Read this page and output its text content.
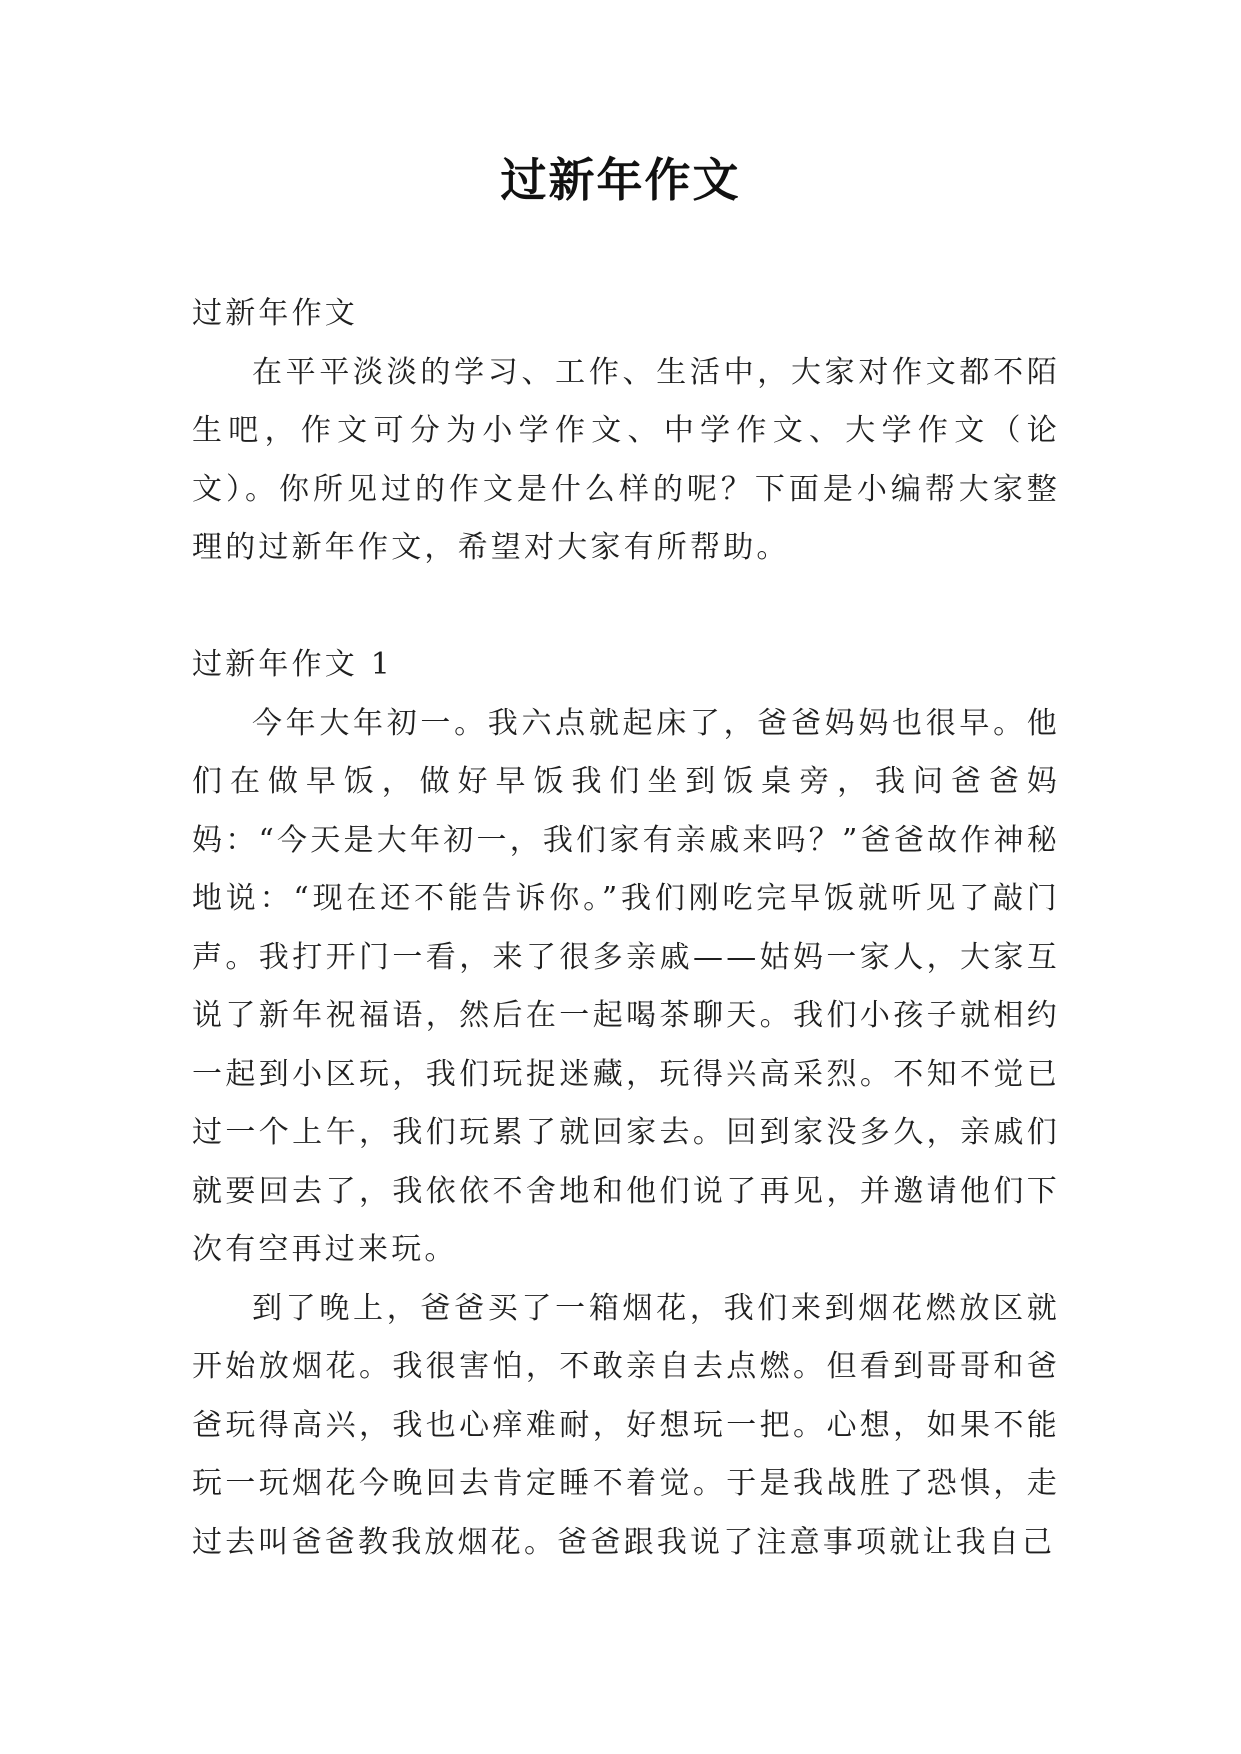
过新年作文

过新年作文

在平平淡淡的学习、工作、生活中，大家对作文都不陌生吧，作文可分为小学作文、中学作文、大学作文（论文）。你所见过的作文是什么样的呢？下面是小编帮大家整理的过新年作文，希望对大家有所帮助。

过新年作文 1

今年大年初一。我六点就起床了，爸爸妈妈也很早。他们在做早饭，做好早饭我们坐到饭桌旁，我问爸爸妈妈：“今天是大年初一，我们家有亲戚来吗？”爸爸故作神秘地说：“现在还不能告诉你。”我们刚吃完早饭就听见了敲门声。我打开门一看，来了很多亲戚——姑妈一家人，大家互说了新年祝福语，然后在一起喝茶聊天。我们小孩子就相约一起到小区玩，我们玩捉迷藏，玩得兴高采烈。不知不觉已过一个上午，我们玩累了就回家去。回到家没多久，亲戚们就要回去了，我依依不舍地和他们说了再见，并邀请他们下次有空再过来玩。

到了晚上，爸爸买了一箱烟花，我们来到烟花燃放区就开始放烟花。我很害怕，不敢亲自去点燃。但看到哥哥和爸爸玩得高兴，我也心痒难耐，好想玩一把。心想，如果不能玩一玩烟花今晚回去肯定睡不着觉。于是我战胜了恐惧，走过去叫爸爸教我放烟花。爸爸跟我说了注意事项就让我自己
